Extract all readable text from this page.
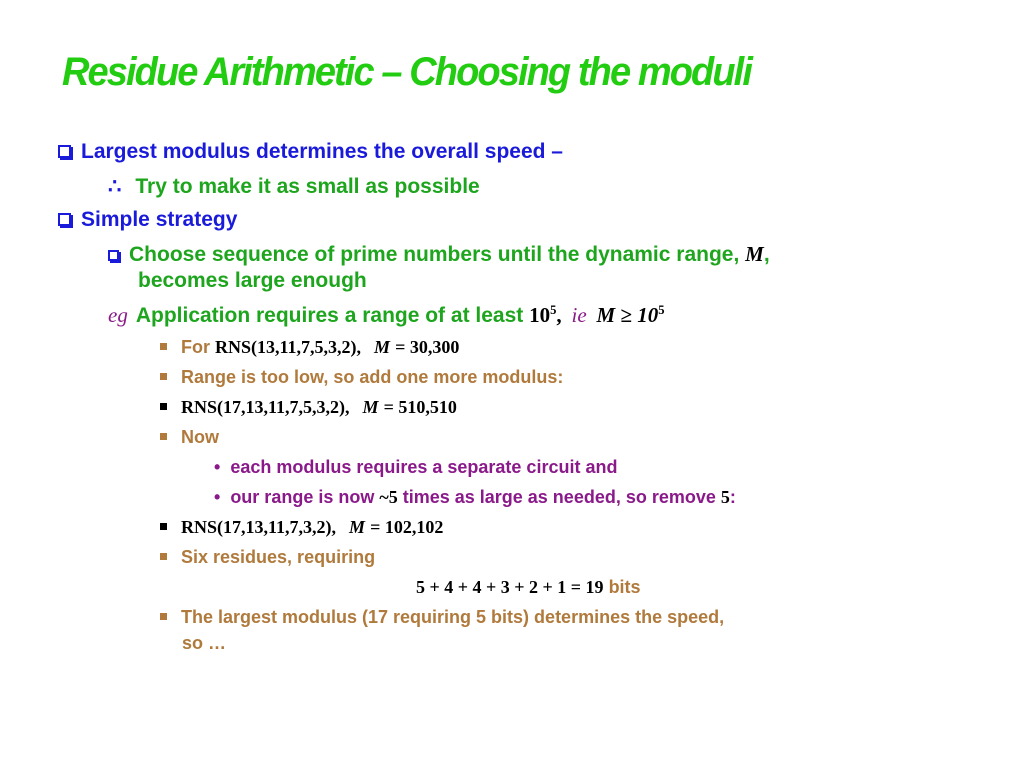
Residue Arithmetic – Choosing the moduli
Largest modulus determines the overall speed –
∴ Try to make it as small as possible
Simple strategy
Choose sequence of prime numbers until the dynamic range, M,
becomes large enough
eg Application requires a range of at least $10^5$, ie $M \ge 10^5$
For RNS(13,11,7,5,3,2), M = 30,300
Range is too low, so add one more modulus:
RNS(17,13,11,7,5,3,2), M = 510,510
Now
• each modulus requires a separate circuit and
• our range is now ~5 times as large as needed, so remove 5:
RNS(17,13,11,7,3,2), M = 102,102
Six residues, requiring
5 + 4 + 4 + 3 + 2 + 1 = 19 bits
The largest modulus (17 requiring 5 bits) determines the speed,
so …
